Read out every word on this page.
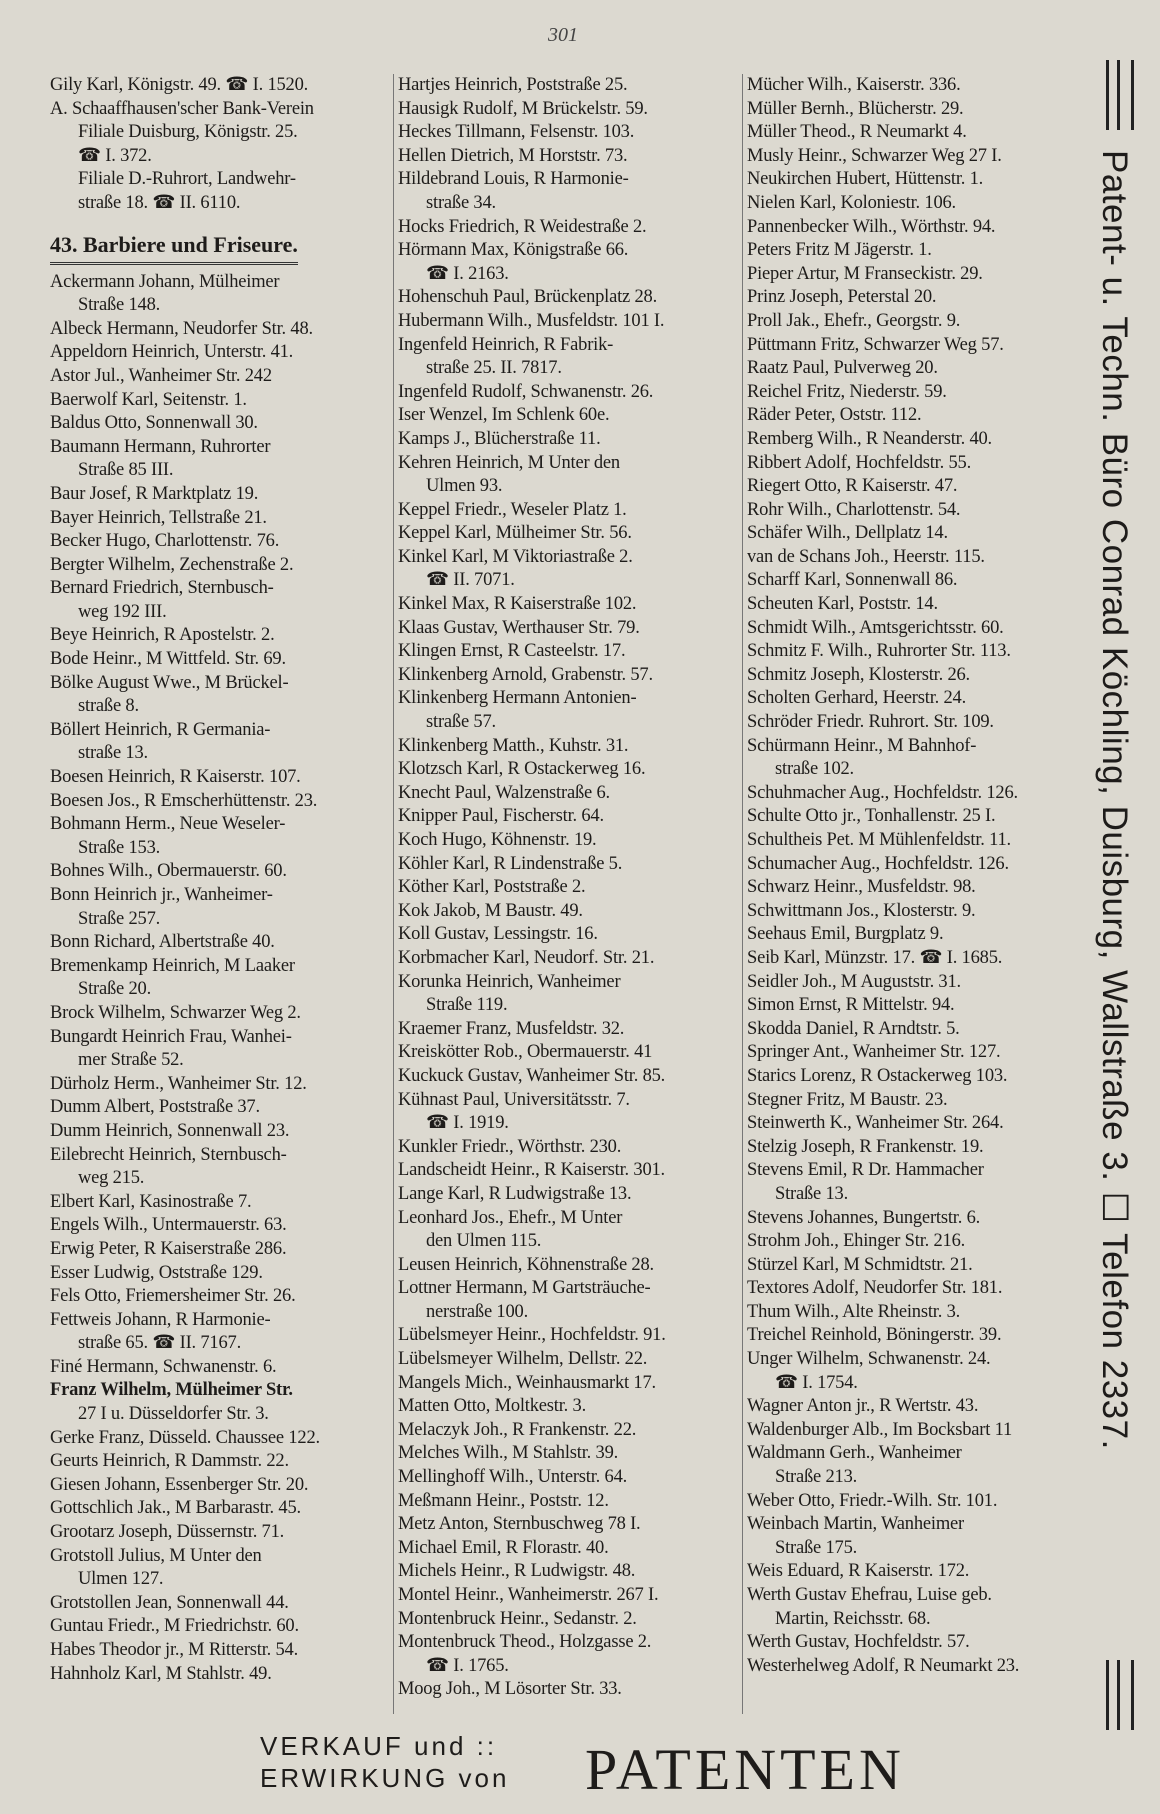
301
Gily Karl, Königstr. 49. ☎ I. 1520.
A. Schaaffhausen'scher Bank-Verein
Filiale Duisburg, Königstr. 25.
☎ I. 372.
Filiale D.-Ruhrort, Landwehr-
straße 18. ☎ II. 6110.
43. Barbiere und Friseure.
Ackermann Johann, Mülheimer
Straße 148.
Albeck Hermann, Neudorfer Str. 48.
Appeldorn Heinrich, Unterstr. 41.
Astor Jul., Wanheimer Str. 242
Baerwolf Karl, Seitenstr. 1.
Baldus Otto, Sonnenwall 30.
Baumann Hermann, Ruhrorter
Straße 85 III.
Baur Josef, R Marktplatz 19.
Bayer Heinrich, Tellstraße 21.
Becker Hugo, Charlottenstr. 76.
Bergter Wilhelm, Zechenstraße 2.
Bernard Friedrich, Sternbusch-
weg 192 III.
Beye Heinrich, R Apostelstr. 2.
Bode Heinr., M Wittfeld. Str. 69.
Bölke August Wwe., M Brückel-
straße 8.
Böllert Heinrich, R Germania-
straße 13.
Boesen Heinrich, R Kaiserstr. 107.
Boesen Jos., R Emscherhüttenstr. 23.
Bohmann Herm., Neue Weseler-
Straße 153.
Bohnes Wilh., Obermauerstr. 60.
Bonn Heinrich jr., Wanheimer-
Straße 257.
Bonn Richard, Albertstraße 40.
Bremenkamp Heinrich, M Laaker
Straße 20.
Brock Wilhelm, Schwarzer Weg 2.
Bungardt Heinrich Frau, Wanhei-
mer Straße 52.
Dürholz Herm., Wanheimer Str. 12.
Dumm Albert, Poststraße 37.
Dumm Heinrich, Sonnenwall 23.
Eilebrecht Heinrich, Sternbusch-
weg 215.
Elbert Karl, Kasinostraße 7.
Engels Wilh., Untermauerstr. 63.
Erwig Peter, R Kaiserstraße 286.
Esser Ludwig, Oststraße 129.
Fels Otto, Friemersheimer Str. 26.
Fettweis Johann, R Harmonie-
straße 65. ☎ II. 7167.
Finé Hermann, Schwanenstr. 6.
Franz Wilhelm, Mülheimer Str.
27 I u. Düsseldorfer Str. 3.
Gerke Franz, Düsseld. Chaussee 122.
Geurts Heinrich, R Dammstr. 22.
Giesen Johann, Essenberger Str. 20.
Gottschlich Jak., M Barbarastr. 45.
Grootarz Joseph, Düssernstr. 71.
Grotstoll Julius, M Unter den
Ulmen 127.
Grotstollen Jean, Sonnenwall 44.
Guntau Friedr., M Friedrichstr. 60.
Habes Theodor jr., M Ritterstr. 54.
Hahnholz Karl, M Stahlstr. 49.
Hartjes Heinrich, Poststraße 25.
Hausigk Rudolf, M Brückelstr. 59.
Heckes Tillmann, Felsenstr. 103.
Hellen Dietrich, M Horststr. 73.
Hildebrand Louis, R Harmonie-
straße 34.
Hocks Friedrich, R Weidestraße 2.
Hörmann Max, Königstraße 66.
☎ I. 2163.
Hohenschuh Paul, Brückenplatz 28.
Hubermann Wilh., Musfeldstr. 101 I.
Ingenfeld Heinrich, R Fabrik-
straße 25. II. 7817.
Ingenfeld Rudolf, Schwanenstr. 26.
Iser Wenzel, Im Schlenk 60e.
Kamps J., Blücherstraße 11.
Kehren Heinrich, M Unter den
Ulmen 93.
Keppel Friedr., Weseler Platz 1.
Keppel Karl, Mülheimer Str. 56.
Kinkel Karl, M Viktoriastraße 2.
☎ II. 7071.
Kinkel Max, R Kaiserstraße 102.
Klaas Gustav, Werthauser Str. 79.
Klingen Ernst, R Casteelstr. 17.
Klinkenberg Arnold, Grabenstr. 57.
Klinkenberg Hermann Antonien-
straße 57.
Klinkenberg Matth., Kuhstr. 31.
Klotzsch Karl, R Ostackerweg 16.
Knecht Paul, Walzenstraße 6.
Knipper Paul, Fischerstr. 64.
Koch Hugo, Köhnenstr. 19.
Köhler Karl, R Lindenstraße 5.
Köther Karl, Poststraße 2.
Kok Jakob, M Baustr. 49.
Koll Gustav, Lessingstr. 16.
Korbmacher Karl, Neudorf. Str. 21.
Korunka Heinrich, Wanheimer
Straße 119.
Kraemer Franz, Musfeldstr. 32.
Kreiskötter Rob., Obermauerstr. 41
Kuckuck Gustav, Wanheimer Str. 85.
Kühnast Paul, Universitätsstr. 7.
☎ I. 1919.
Kunkler Friedr., Wörthstr. 230.
Landscheidt Heinr., R Kaiserstr. 301.
Lange Karl, R Ludwigstraße 13.
Leonhard Jos., Ehefr., M Unter
den Ulmen 115.
Leusen Heinrich, Köhnenstraße 28.
Lottner Hermann, M Gartsträuche-
nerstraße 100.
Lübelsmeyer Heinr., Hochfeldstr. 91.
Lübelsmeyer Wilhelm, Dellstr. 22.
Mangels Mich., Weinhausmarkt 17.
Matten Otto, Moltkestr. 3.
Melaczyk Joh., R Frankenstr. 22.
Melches Wilh., M Stahlstr. 39.
Mellinghoff Wilh., Unterstr. 64.
Meßmann Heinr., Poststr. 12.
Metz Anton, Sternbuschweg 78 I.
Michael Emil, R Florastr. 40.
Michels Heinr., R Ludwigstr. 48.
Montel Heinr., Wanheimerstr. 267 I.
Montenbruck Heinr., Sedanstr. 2.
Montenbruck Theod., Holzgasse 2.
☎ I. 1765.
Moog Joh., M Lösorter Str. 33.
Mücher Wilh., Kaiserstr. 336.
Müller Bernh., Blücherstr. 29.
Müller Theod., R Neumarkt 4.
Musly Heinr., Schwarzer Weg 27 I.
Neukirchen Hubert, Hüttenstr. 1.
Nielen Karl, Koloniestr. 106.
Pannenbecker Wilh., Wörthstr. 94.
Peters Fritz M Jägerstr. 1.
Pieper Artur, M Franseckistr. 29.
Prinz Joseph, Peterstal 20.
Proll Jak., Ehefr., Georgstr. 9.
Püttmann Fritz, Schwarzer Weg 57.
Raatz Paul, Pulverweg 20.
Reichel Fritz, Niederstr. 59.
Räder Peter, Oststr. 112.
Remberg Wilh., R Neanderstr. 40.
Ribbert Adolf, Hochfeldstr. 55.
Riegert Otto, R Kaiserstr. 47.
Rohr Wilh., Charlottenstr. 54.
Schäfer Wilh., Dellplatz 14.
van de Schans Joh., Heerstr. 115.
Scharff Karl, Sonnenwall 86.
Scheuten Karl, Poststr. 14.
Schmidt Wilh., Amtsgerichtsstr. 60.
Schmitz F. Wilh., Ruhrorter Str. 113.
Schmitz Joseph, Klosterstr. 26.
Scholten Gerhard, Heerstr. 24.
Schröder Friedr. Ruhrort. Str. 109.
Schürmann Heinr., M Bahnhof-
straße 102.
Schuhmacher Aug., Hochfeldstr. 126.
Schulte Otto jr., Tonhallenstr. 25 I.
Schultheis Pet. M Mühlenfeldstr. 11.
Schumacher Aug., Hochfeldstr. 126.
Schwarz Heinr., Musfeldstr. 98.
Schwittmann Jos., Klosterstr. 9.
Seehaus Emil, Burgplatz 9.
Seib Karl, Münzstr. 17. ☎ I. 1685.
Seidler Joh., M Auguststr. 31.
Simon Ernst, R Mittelstr. 94.
Skodda Daniel, R Arndtstr. 5.
Springer Ant., Wanheimer Str. 127.
Starics Lorenz, R Ostackerweg 103.
Stegner Fritz, M Baustr. 23.
Steinwerth K., Wanheimer Str. 264.
Stelzig Joseph, R Frankenstr. 19.
Stevens Emil, R Dr. Hammacher
Straße 13.
Stevens Johannes, Bungertstr. 6.
Strohm Joh., Ehinger Str. 216.
Stürzel Karl, M Schmidtstr. 21.
Textores Adolf, Neudorfer Str. 181.
Thum Wilh., Alte Rheinstr. 3.
Treichel Reinhold, Böningerstr. 39.
Unger Wilhelm, Schwanenstr. 24.
☎ I. 1754.
Wagner Anton jr., R Wertstr. 43.
Waldenburger Alb., Im Bocksbart 11
Waldmann Gerh., Wanheimer
Straße 213.
Weber Otto, Friedr.-Wilh. Str. 101.
Weinbach Martin, Wanheimer
Straße 175.
Weis Eduard, R Kaiserstr. 172.
Werth Gustav Ehefrau, Luise geb.
Martin, Reichsstr. 68.
Werth Gustav, Hochfeldstr. 57.
Westerhelweg Adolf, R Neumarkt 23.
Patent- u. Techn. Büro Conrad Köchling, Duisburg, Wallstraße 3. ☐ Telefon 2337.
VERKAUF und ::
ERWIRKUNG von PATENTEN
